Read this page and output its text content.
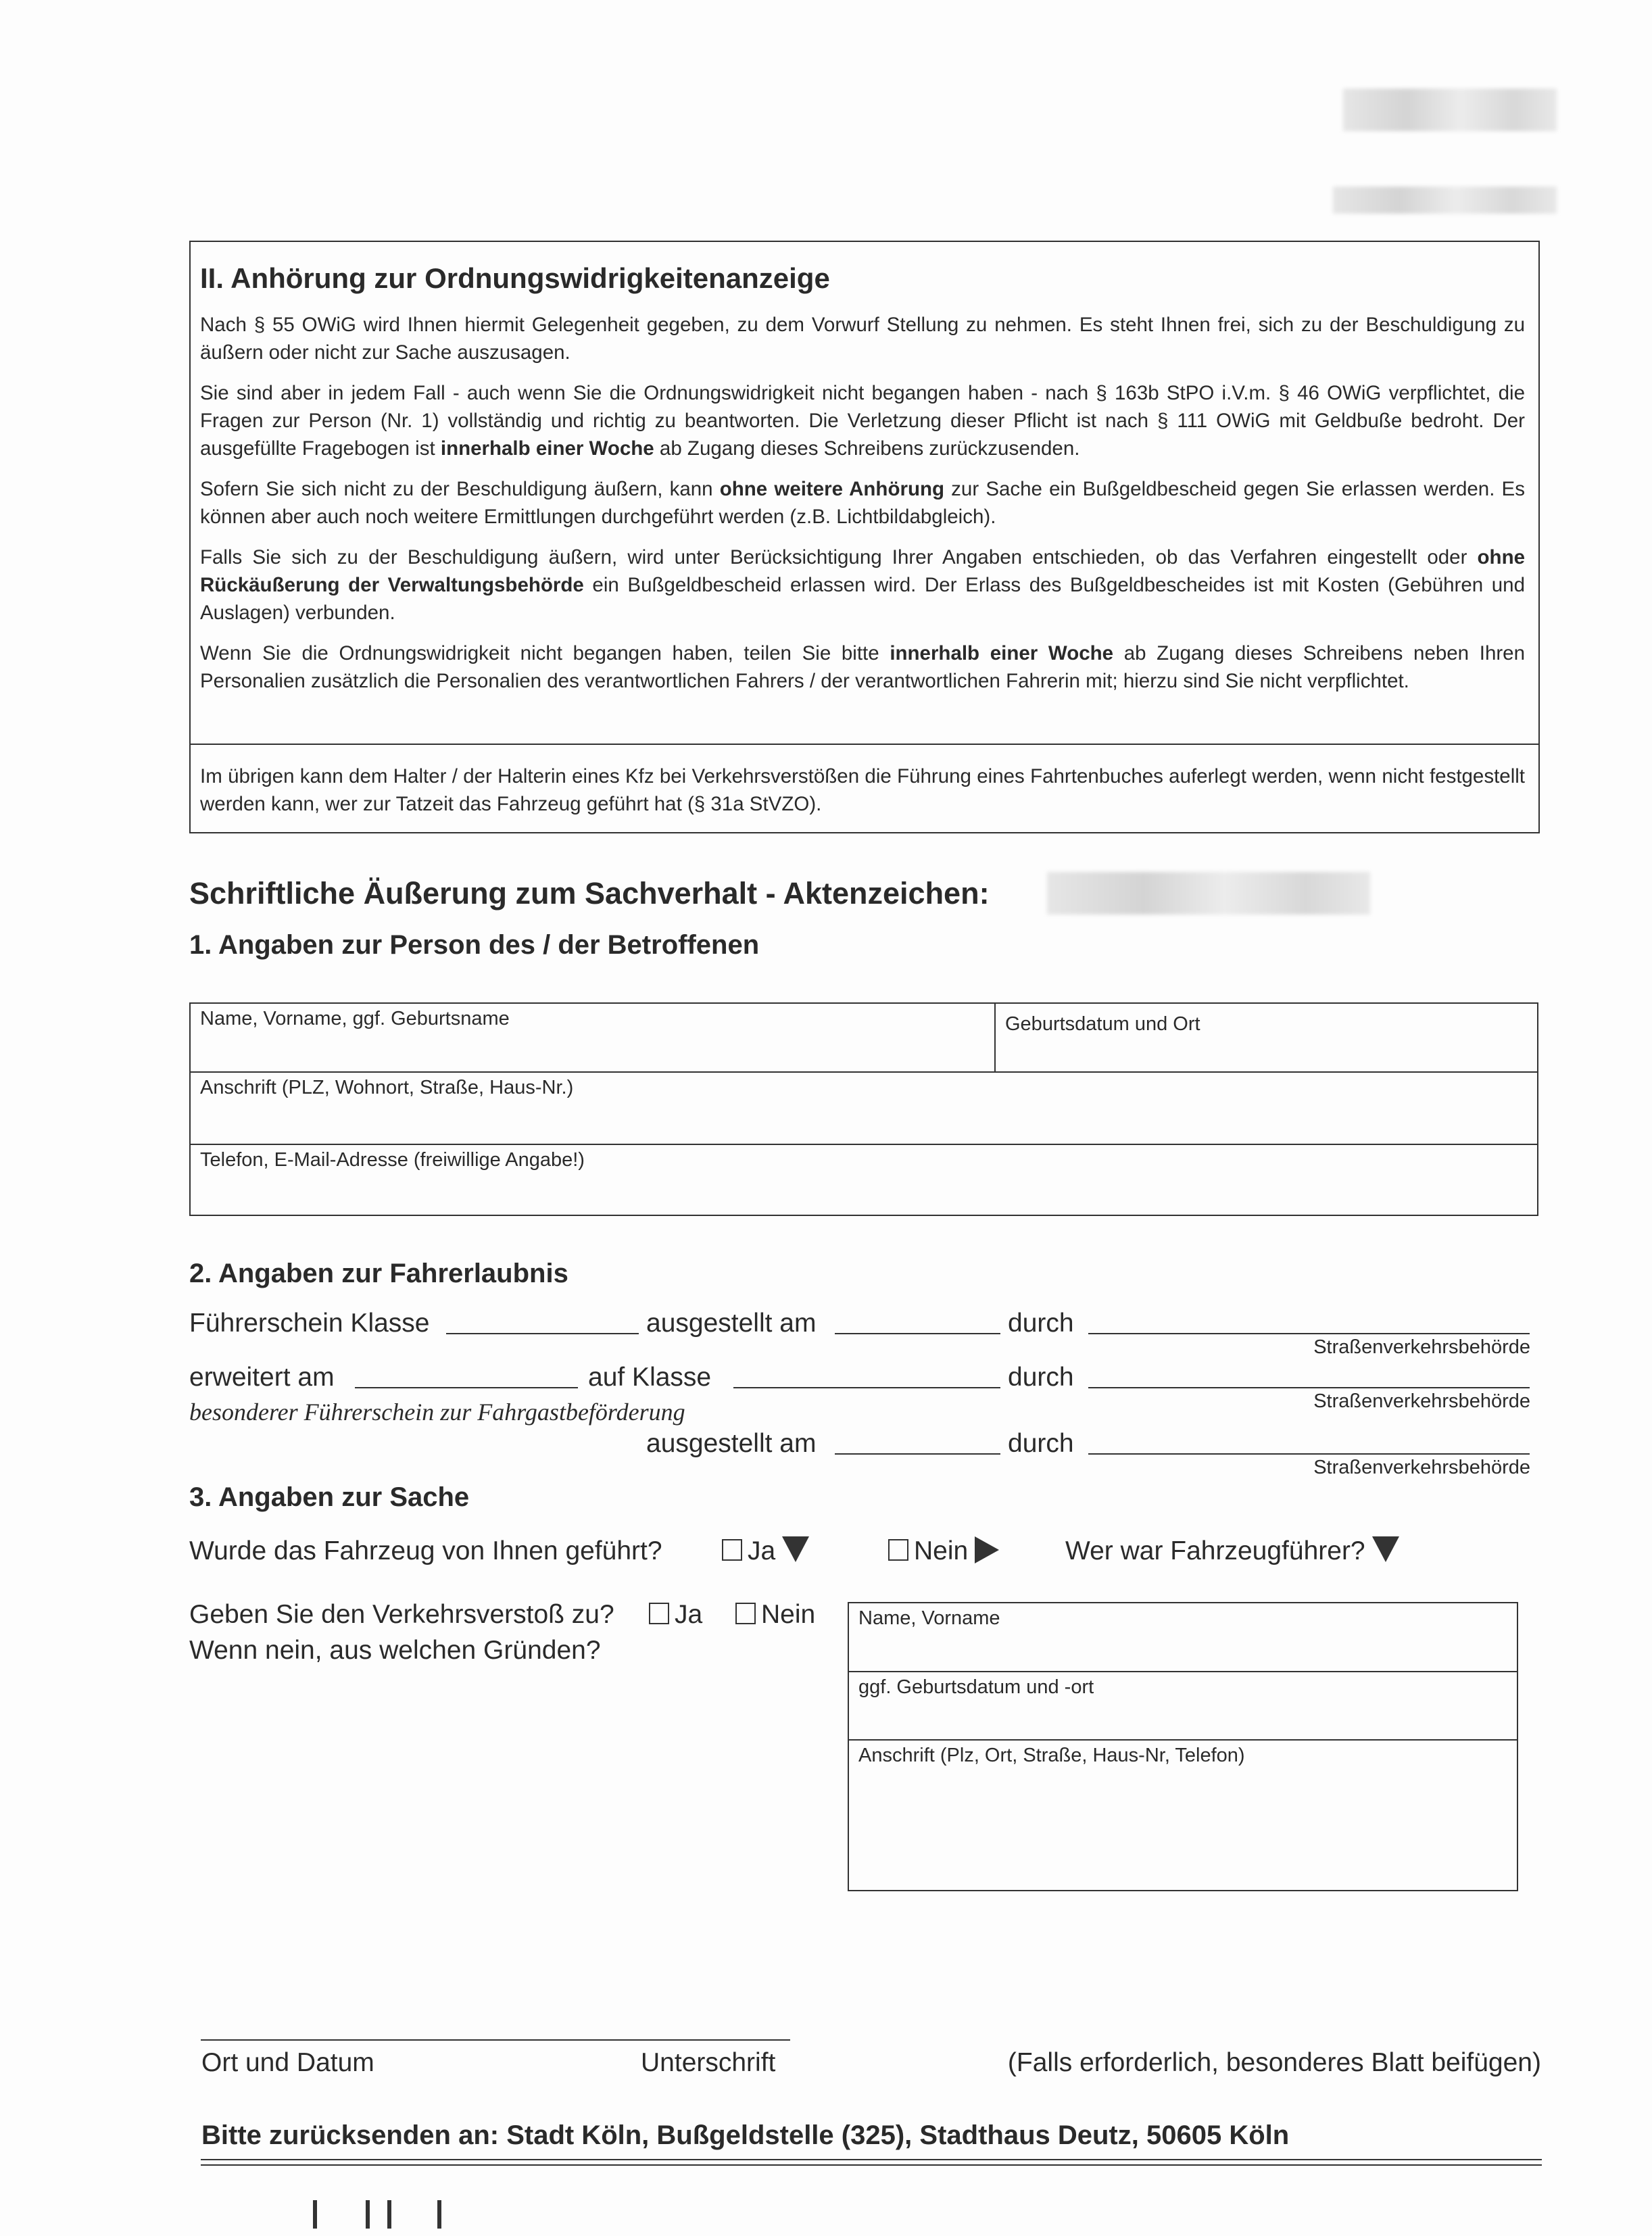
II. Anhörung zur Ordnungswidrigkeitenanzeige

Nach § 55 OWiG wird Ihnen hiermit Gelegenheit gegeben, zu dem Vorwurf Stellung zu nehmen. Es steht Ihnen frei, sich zu der Beschuldigung zu äußern oder nicht zur Sache auszusagen.

Sie sind aber in jedem Fall - auch wenn Sie die Ordnungswidrigkeit nicht begangen haben - nach § 163b StPO i.V.m. § 46 OWiG verpflichtet, die Fragen zur Person (Nr. 1) vollständig und richtig zu beantworten. Die Verletzung dieser Pflicht ist nach § 111 OWiG mit Geldbuße bedroht. Der ausgefüllte Fragebogen ist innerhalb einer Woche ab Zugang dieses Schreibens zurückzusenden.

Sofern Sie sich nicht zu der Beschuldigung äußern, kann ohne weitere Anhörung zur Sache ein Bußgeldbescheid gegen Sie erlassen werden. Es können aber auch noch weitere Ermittlungen durchgeführt werden (z.B. Lichtbildabgleich).

Falls Sie sich zu der Beschuldigung äußern, wird unter Berücksichtigung Ihrer Angaben entschieden, ob das Verfahren eingestellt oder ohne Rückäußerung der Verwaltungsbehörde ein Bußgeldbescheid erlassen wird. Der Erlass des Bußgeldbescheides ist mit Kosten (Gebühren und Auslagen) verbunden.

Wenn Sie die Ordnungswidrigkeit nicht begangen haben, teilen Sie bitte innerhalb einer Woche ab Zugang dieses Schreibens neben Ihren Personalien zusätzlich die Personalien des verantwortlichen Fahrers / der verantwortlichen Fahrerin mit; hierzu sind Sie nicht verpflichtet.

Im übrigen kann dem Halter / der Halterin eines Kfz bei Verkehrsverstößen die Führung eines Fahrtenbuches auferlegt werden, wenn nicht festgestellt werden kann, wer zur Tatzeit das Fahrzeug geführt hat (§ 31a StVZO).

Schriftliche Äußerung zum Sachverhalt - Aktenzeichen:
1. Angaben zur Person des / der Betroffenen
Name, Vorname, ggf. Geburtsname	Geburtsdatum und Ort
Anschrift (PLZ, Wohnort, Straße, Haus-Nr.)
Telefon, E-Mail-Adresse (freiwillige Angabe!)
2. Angaben zur Fahrerlaubnis
Führerschein Klasse	ausgestellt am	durch
Straßenverkehrsbehörde
erweitert am	auf Klasse	durch
Straßenverkehrsbehörde
besonderer Führerschein zur Fahrgastbeförderung
ausgestellt am	durch
Straßenverkehrsbehörde
3. Angaben zur Sache
Wurde das Fahrzeug von Ihnen geführt?	Ja	Nein	Wer war Fahrzeugführer?
Geben Sie den Verkehrsverstoß zu?	Ja	Nein
Wenn nein, aus welchen Gründen?
Name, Vorname
ggf. Geburtsdatum und -ort
Anschrift (Plz, Ort, Straße, Haus-Nr, Telefon)
Ort und Datum	Unterschrift	(Falls erforderlich, besonderes Blatt beifügen)
Bitte zurücksenden an: Stadt Köln, Bußgeldstelle (325), Stadthaus Deutz, 50605 Köln
